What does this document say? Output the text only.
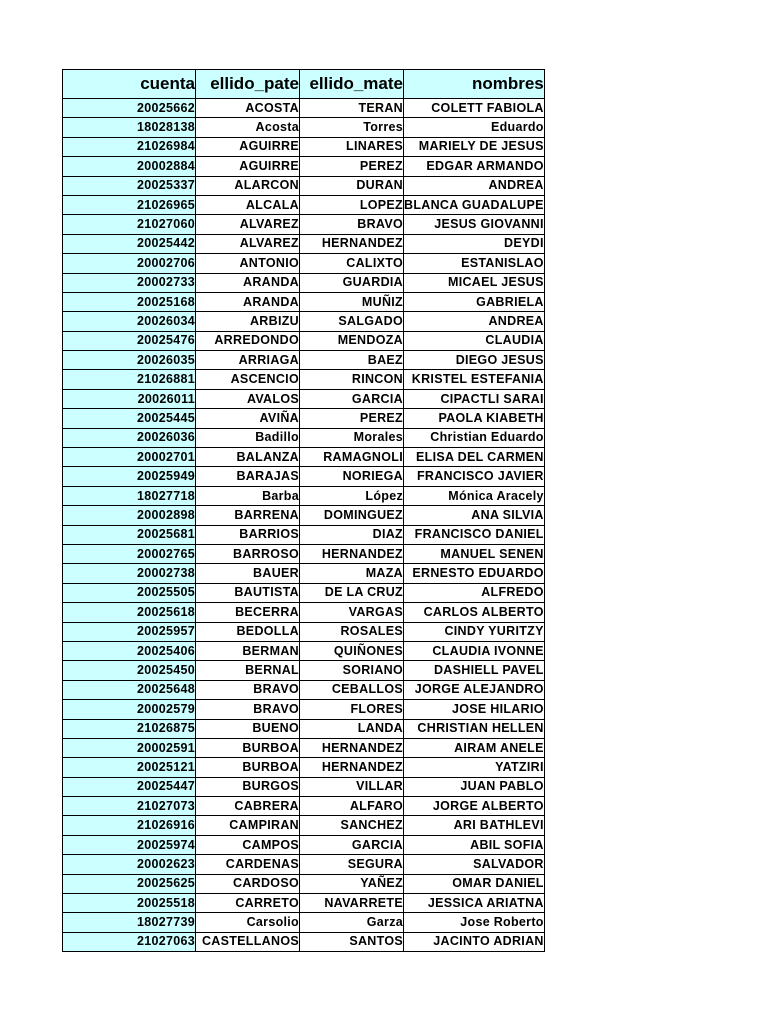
cuenta	ellido_pate	ellido_mate	nombres

20025662	ACOSTA	TERAN	COLETT FABIOLA

18028138	Acosta	Torres	Eduardo

21026984	AGUIRRE	LINARES	MARIELY DE JESUS

20002884	AGUIRRE	PEREZ	EDGAR ARMANDO

20025337	ALARCON	DURAN	ANDREA

21026965	ALCALA	LOPEZ	BLANCA GUADALUPE

21027060	ALVAREZ	BRAVO	JESUS GIOVANNI

20025442	ALVAREZ	HERNANDEZ	DEYDI

20002706	ANTONIO	CALIXTO	ESTANISLAO

20002733	ARANDA	GUARDIA	MICAEL JESUS

20025168	ARANDA	MUÑIZ	GABRIELA

20026034	ARBIZU	SALGADO	ANDREA

20025476	ARREDONDO	MENDOZA	CLAUDIA

20026035	ARRIAGA	BAEZ	DIEGO JESUS

21026881	ASCENCIO	RINCON	KRISTEL ESTEFANIA

20026011	AVALOS	GARCIA	CIPACTLI SARAI

20025445	AVIÑA	PEREZ	PAOLA KIABETH

20026036	Badillo	Morales	Christian Eduardo

20002701	BALANZA	RAMAGNOLI	ELISA DEL CARMEN

20025949	BARAJAS	NORIEGA	FRANCISCO JAVIER

18027718	Barba	López	Mónica Aracely

20002898	BARRENA	DOMINGUEZ	ANA SILVIA

20025681	BARRIOS	DIAZ	FRANCISCO DANIEL

20002765	BARROSO	HERNANDEZ	MANUEL SENEN

20002738	BAUER	MAZA	ERNESTO EDUARDO

20025505	BAUTISTA	DE LA CRUZ	ALFREDO

20025618	BECERRA	VARGAS	CARLOS ALBERTO

20025957	BEDOLLA	ROSALES	CINDY YURITZY

20025406	BERMAN	QUIÑONES	CLAUDIA IVONNE

20025450	BERNAL	SORIANO	DASHIELL PAVEL

20025648	BRAVO	CEBALLOS	JORGE ALEJANDRO

20002579	BRAVO	FLORES	JOSE HILARIO

21026875	BUENO	LANDA	CHRISTIAN HELLEN

20002591	BURBOA	HERNANDEZ	AIRAM ANELE

20025121	BURBOA	HERNANDEZ	YATZIRI

20025447	BURGOS	VILLAR	JUAN PABLO

21027073	CABRERA	ALFARO	JORGE ALBERTO

21026916	CAMPIRAN	SANCHEZ	ARI BATHLEVI

20025974	CAMPOS	GARCIA	ABIL SOFIA

20002623	CARDENAS	SEGURA	SALVADOR

20025625	CARDOSO	YAÑEZ	OMAR DANIEL

20025518	CARRETO	NAVARRETE	JESSICA ARIATNA

18027739	Carsolio	Garza	Jose Roberto

21027063	CASTELLANOS	SANTOS	JACINTO ADRIAN
